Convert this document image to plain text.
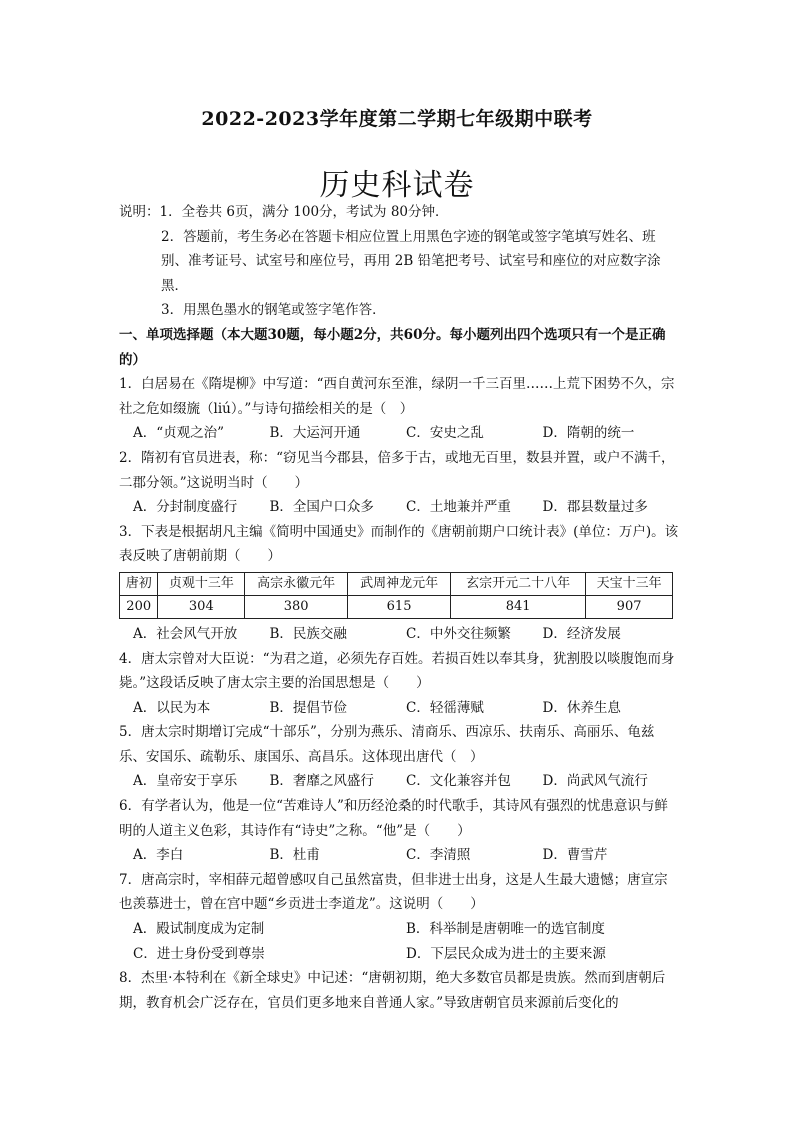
2022-2023学年度第二学期七年级期中联考
历史科试卷

说明：1．全卷共 6页，满分 100分，考试为 80分钟．

2．答题前，考生务必在答题卡相应位置上用黑色字迹的钢笔或签字笔填写姓名、班别、准考证号、试室号和座位号，再用 2B 铅笔把考号、试室号和座位的对应数字涂黑．

3．用黑色墨水的钢笔或签字笔作答．

一、单项选择题（本大题30题，每小题2分，共60分。每小题列出四个选项只有一个是正确的）

1．白居易在《隋堤柳》中写道：“西自黄河东至淮，绿阴一千三百里……上荒下困势不久，宗社之危如缀旒（liú）。”与诗句描绘相关的是（　）

A．“贞观之治”	B．大运河开通	C．安史之乱	D．隋朝的统一

2．隋初有官员进表，称：“窃见当今郡县，倍多于古，或地无百里，数县并置，或户不满千，二郡分领。”这说明当时（　　）

A．分封制度盛行	B．全国户口众多	C．土地兼并严重	D．郡县数量过多

3．下表是根据胡凡主编《简明中国通史》而制作的《唐朝前期户口统计表》(单位：万户)。该表反映了唐朝前期（　　）

唐初	贞观十三年	高宗永徽元年	武周神龙元年	玄宗开元二十八年	天宝十三年
200	304	380	615	841	907
A．社会风气开放	B．民族交融	C．中外交往频繁	D．经济发展

4．唐太宗曾对大臣说：“为君之道，必须先存百姓。若损百姓以奉其身，犹割股以啖腹饱而身毙。”这段话反映了唐太宗主要的治国思想是（　　）

A．以民为本	B．提倡节俭	C．轻徭薄赋	D．休养生息

5．唐太宗时期增订完成“十部乐”，分别为燕乐、清商乐、西凉乐、扶南乐、高丽乐、龟兹乐、安国乐、疏勒乐、康国乐、高昌乐。这体现出唐代（　）

A．皇帝安于享乐	B．奢靡之风盛行	C．文化兼容并包	D．尚武风气流行

6．有学者认为，他是一位“苦难诗人”和历经沧桑的时代歌手，其诗风有强烈的忧患意识与鲜明的人道主义色彩，其诗作有“诗史”之称。“他”是（　　）

A．李白	B．杜甫	C．李清照	D．曹雪芹

7．唐高宗时，宰相薛元超曾感叹自己虽然富贵，但非进士出身，这是人生最大遗憾；唐宣宗也羡慕进士，曾在宫中题“乡贡进士李道龙”。这说明（　　）

A．殿试制度成为定制	B．科举制是唐朝唯一的选官制度
C．进士身份受到尊崇	D．下层民众成为进士的主要来源

8．杰里·本特利在《新全球史》中记述：“唐朝初期，绝大多数官员都是贵族。然而到唐朝后期，教育机会广泛存在，官员们更多地来自普通人家。”导致唐朝官员来源前后变化的
